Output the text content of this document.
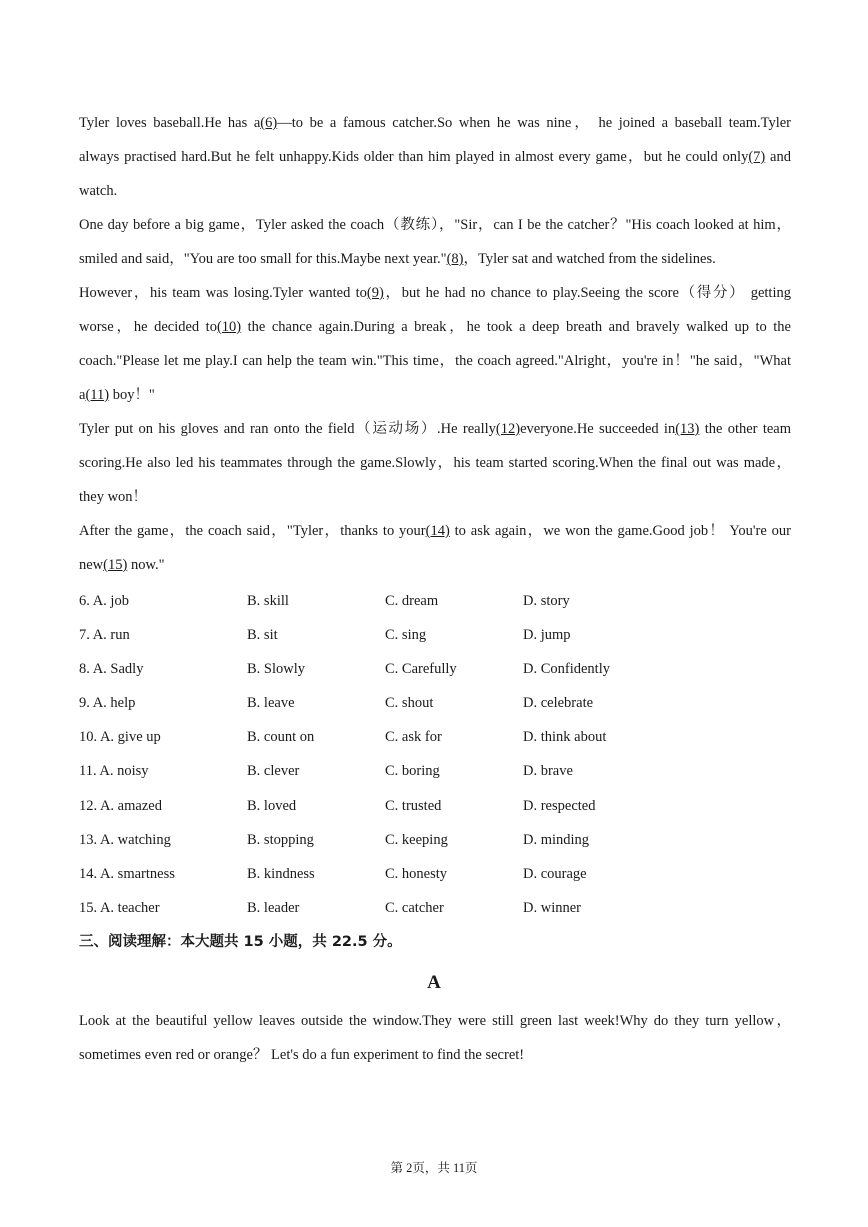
Tyler loves baseball.He has a(6)—to be a famous catcher.So when he was nine， he joined a baseball team.Tyler
always practised hard.But he felt unhappy.Kids older than him played in almost every game，but he could only(7) and
watch.
One day before a big game，Tyler asked the coach（教练），"Sir，can I be the catcher？"His coach looked at him，
smiled and said，"You are too small for this.Maybe next year."(8)，Tyler sat and watched from the sidelines.
However，his team was losing.Tyler wanted to(9)，but he had no chance to play.Seeing the score（得分） getting
worse，he decided to(10) the chance again.During a break，he took a deep breath and bravely walked up to the
coach."Please let me play.I can help the team win."This time，the coach agreed."Alright，you're in！"he said，"What
a(11) boy！"
Tyler put on his gloves and ran onto the field（运动场）.He really(12)everyone.He succeeded in(13) the other team
scoring.He also led his teammates through the game.Slowly，his team started scoring.When the final out was made，
they won！
After the game，the coach said，"Tyler，thanks to your(14) to ask again，we won the game.Good job！ You're our
new(15) now."
6. A. job	B. skill	C. dream	D. story
7. A. run	B. sit	C. sing	D. jump
8. A. Sadly	B. Slowly	C. Carefully	D. Confidently
9. A. help	B. leave	C. shout	D. celebrate
10. A. give up	B. count on	C. ask for	D. think about
11. A. noisy	B. clever	C. boring	D. brave
12. A. amazed	B. loved	C. trusted	D. respected
13. A. watching	B. stopping	C. keeping	D. minding
14. A. smartness	B. kindness	C. honesty	D. courage
15. A. teacher	B. leader	C. catcher	D. winner
三、阅读理解：本大题共 15 小题，共 22.5 分。
A
Look at the beautiful yellow leaves outside the window.They were still green last week!Why do they turn yellow，
sometimes even red or orange？ Let's do a fun experiment to find the secret!
第 2页，共 11页
